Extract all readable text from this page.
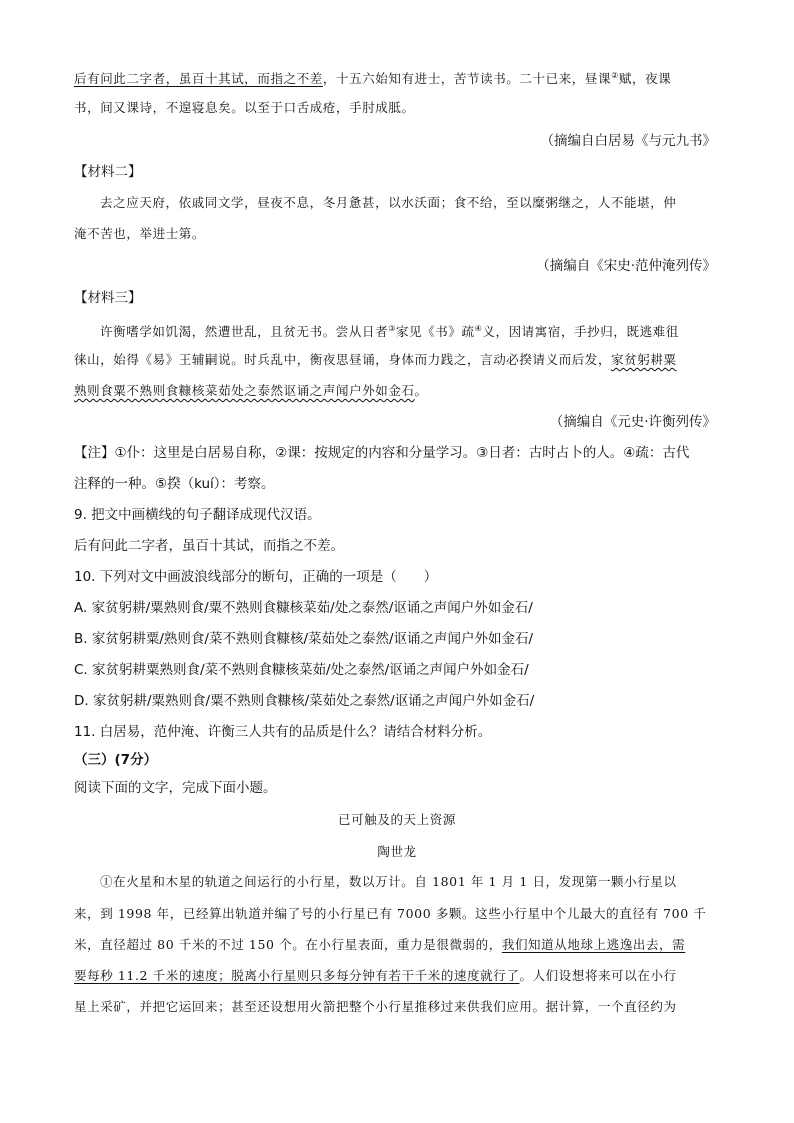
后有问此二字者，虽百十其试，而指之不差，十五六始知有进士，苦节读书。二十已来，昼课②赋，夜课
书，间又课诗，不遑寝息矣。以至于口舌成疮，手肘成胝。
（摘编自白居易《与元九书》
【材料二】
去之应天府，依戚同文学，昼夜不息，冬月惫甚，以水沃面；食不给，至以糜粥继之，人不能堪，仲
淹不苦也，举进士第。
（摘编自《宋史·范仲淹列传》
【材料三】
许衡嗜学如饥渴，然遭世乱，且贫无书。尝从日者③家见《书》疏④义，因请寓宿，手抄归，既逃难徂
徕山，始得《易》王辅嗣说。时兵乱中，衡夜思昼诵，身体而力践之，言动必揆请义而后发，家贫躬耕粟
熟则食粟不熟则食糠核菜茹处之泰然讴诵之声闻户外如金石。
（摘编自《元史·许衡列传》
【注】①仆：这里是白居易自称，②课：按规定的内容和分量学习。③日者：古时占卜的人。④疏：古代
注释的一种。⑤揆（kuí）：考察。
9. 把文中画横线的句子翻译成现代汉语。
后有问此二字者，虽百十其试，而指之不差。
10. 下列对文中画波浪线部分的断句，正确的一项是（　　）
A. 家贫躬耕/粟熟则食/粟不熟则食糠核菜茹/处之泰然/讴诵之声闻户外如金石/
B. 家贫躬耕粟/熟则食/菜不熟则食糠核/菜茹处之泰然/讴诵之声闻户外如金石/
C. 家贫躬耕粟熟则食/菜不熟则食糠核菜茹/处之泰然/讴诵之声闻户外如金石/
D. 家贫躬耕/粟熟则食/粟不熟则食糠核/菜茹处之泰然/讴诵之声闻户外如金石/
11. 白居易，范仲淹、许衡三人共有的品质是什么？请结合材料分析。
（三）(7分）
阅读下面的文字，完成下面小题。
已可触及的天上资源
陶世龙
①在火星和木星的轨道之间运行的小行星，数以万计。自 1801 年 1 月 1 日，发现第一颗小行星以
来，到 1998 年，已经算出轨道并编了号的小行星已有 7000 多颗。这些小行星中个儿最大的直径有 700 千
米，直径超过 80 千米的不过 150 个。在小行星表面，重力是很微弱的，我们知道从地球上逃逸出去，需
要每秒 11.2 千米的速度；脱离小行星则只多每分钟有若干千米的速度就行了。人们设想将来可以在小行
星上采矿，并把它运回来；甚至还设想用火箭把整个小行星推移过来供我们应用。据计算，一个直径约为
